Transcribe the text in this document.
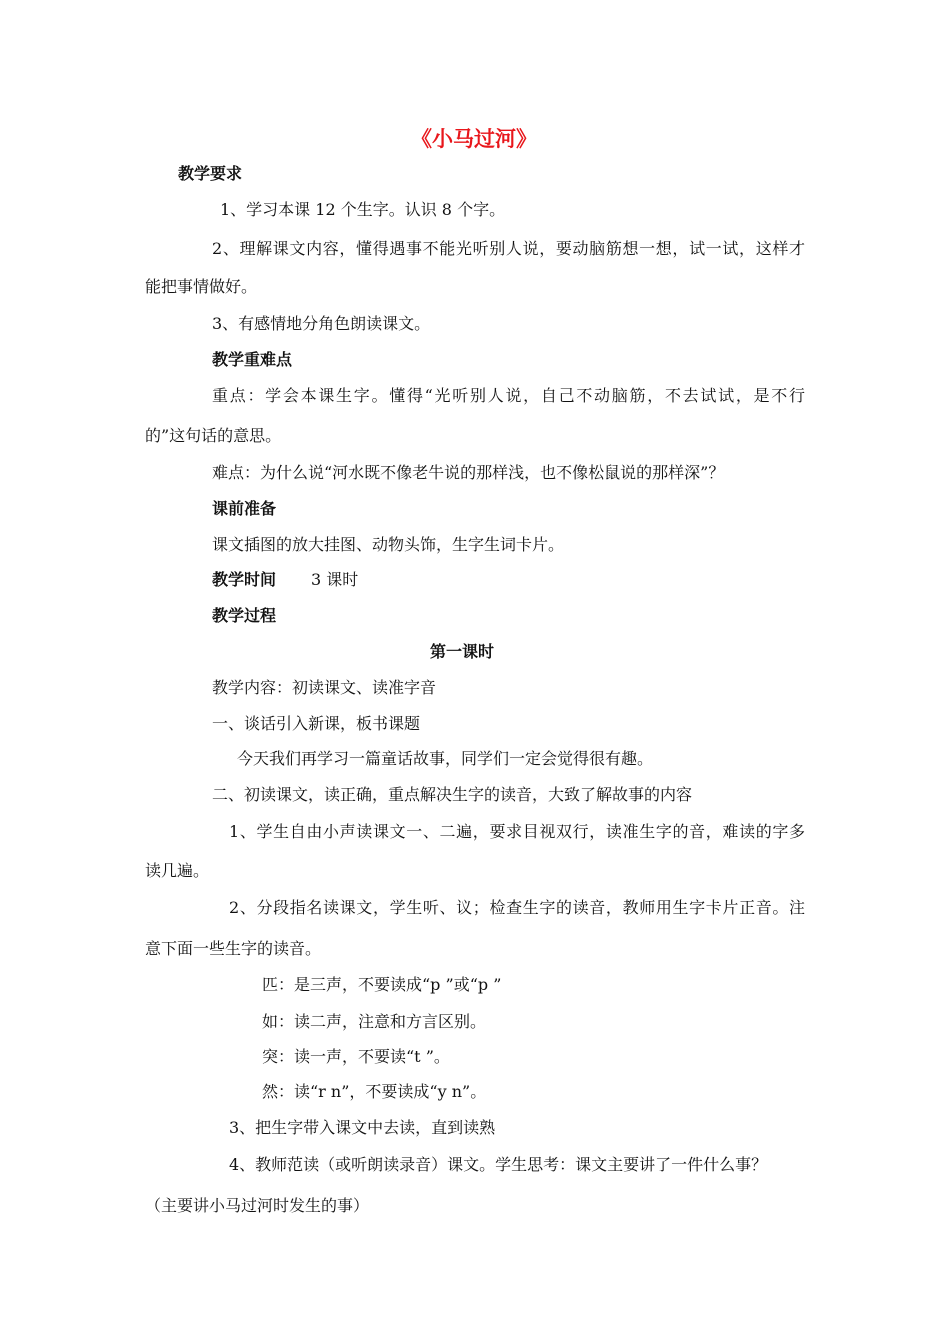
《小马过河》
教学要求
1、学习本课 12 个生字。认识 8 个字。
2、理解课文内容，懂得遇事不能光听别人说，要动脑筋想一想，试一试，这样才
能把事情做好。
3、有感情地分角色朗读课文。
教学重难点
重点：学会本课生字。懂得“光听别人说，自己不动脑筋，不去试试，是不行
的”这句话的意思。
难点：为什么说“河水既不像老牛说的那样浅，也不像松鼠说的那样深”？
课前准备
课文插图的放大挂图、动物头饰，生字生词卡片。
教学时间 3 课时
教学过程
第一课时
教学内容：初读课文、读准字音
一、谈话引入新课，板书课题
今天我们再学习一篇童话故事，同学们一定会觉得很有趣。
二、初读课文，读正确，重点解决生字的读音，大致了解故事的内容
1、学生自由小声读课文一、二遍，要求目视双行，读准生字的音，难读的字多
读几遍。
2、分段指名读课文，学生听、议；检查生字的读音，教师用生字卡片正音。注
意下面一些生字的读音。
匹：是三声，不要读成“p ”或“p ”
如：读二声，注意和方言区别。
突：读一声，不要读“t ”。
然：读“r n”，不要读成“y n”。
3、把生字带入课文中去读，直到读熟
4、教师范读（或听朗读录音）课文。学生思考：课文主要讲了一件什么事？
（主要讲小马过河时发生的事）
